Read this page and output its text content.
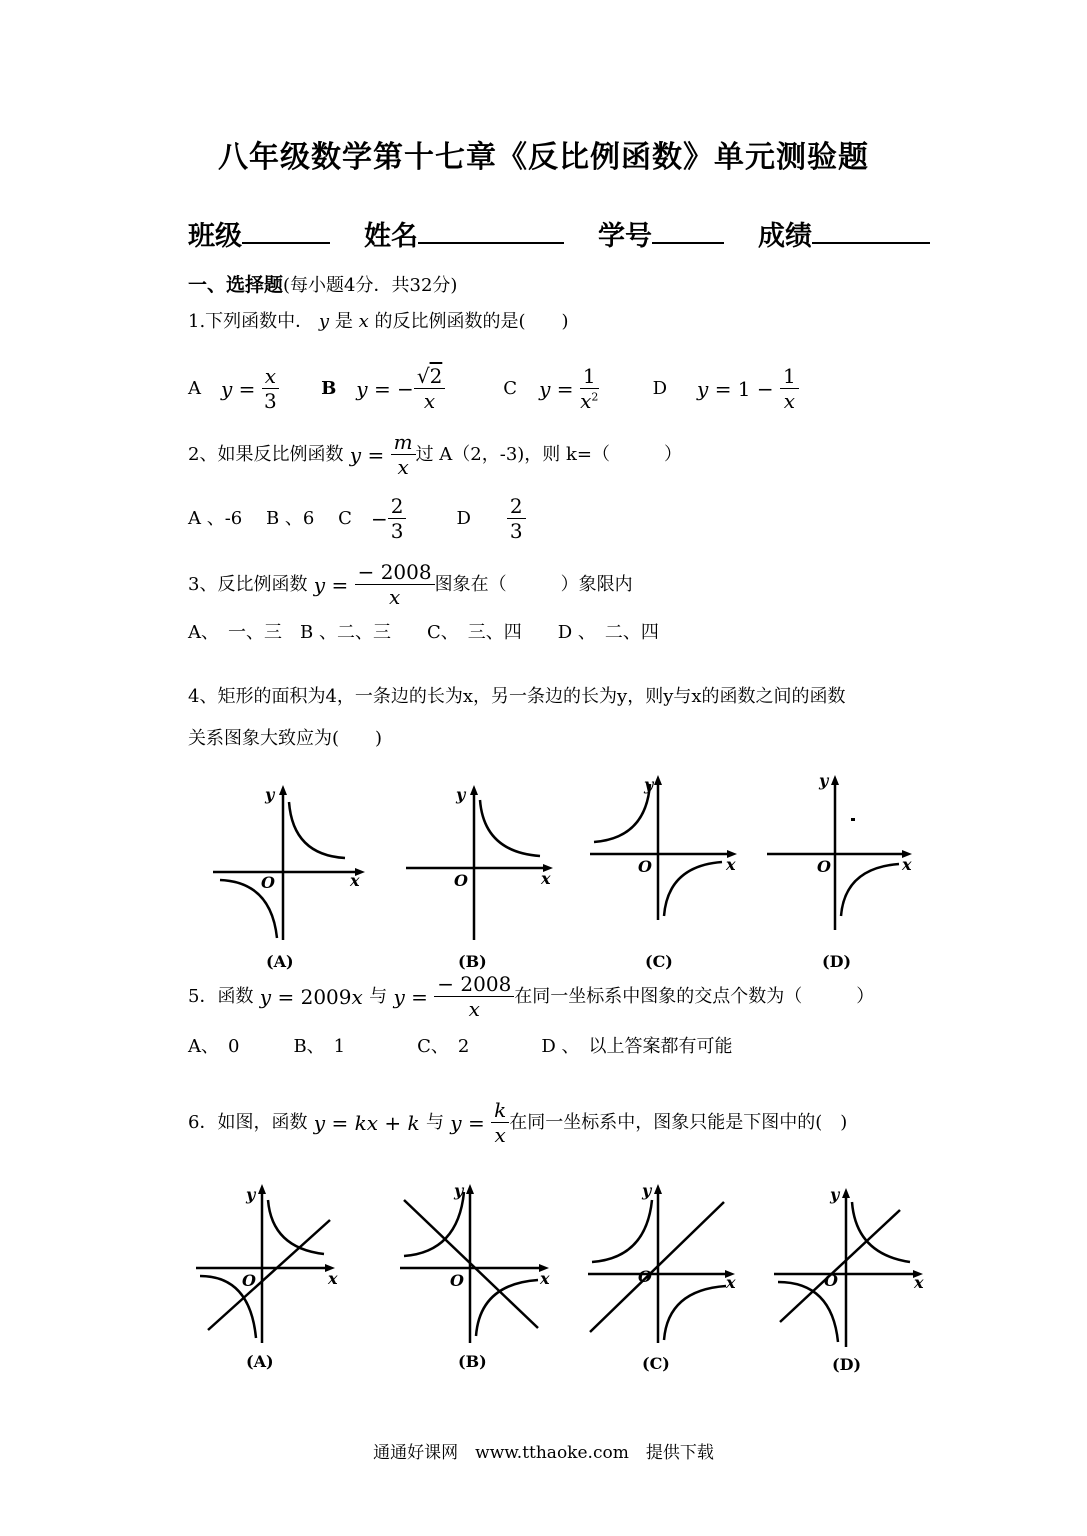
八年级数学第十七章《反比例函数》单元测验题
班级	姓名	学号	成绩
一、选择题(每小题4分．共32分)
1.下列函数中． y 是 x 的反比例函数的是(　　)
A $y = \frac{x}{3}$ B y = − $\frac{√2}{x}$	C $y = \frac{1}{x^2}$	D $y = 1 - \frac{1}{x}$
2、如果反比例函数 $y = \frac{m}{x}$ 过 A（2，-3)，则 k=（　　　）
A 、-6　 B 、6　 $C - \frac{2}{3}$	D $\frac{2}{3}$
3、反比例函数 $y = \frac{- 2008}{x}$ 图象在（　　　）象限内
A、　一、三　B 、二、三　　C、　三、四　　D 、　二、四
4、矩形的面积为4，一条边的长为x，另一条边的长为y，则y与x的函数之间的函数
关系图象大致应为(　　)
y
x
O
(A)
y
x
O
(B)
y
x
O
(C)
y
x
O
(D)
5．函数 y = 2009x 与 $y = \frac{- 2008}{x}$ 在同一坐标系中图象的交点个数为（　　　）
A、　0　　　B、　1　　　　C、　2　　　　D 、　以上答案都有可能
6．如图，函数 y = kx + k 与 $y = \frac{k}{x}$ 在同一坐标系中，图象只能是下图中的(　)
y
x
O
(A)
y
x
O
(B)
y
x
O
(C)
y
x
O
(D)
通通好课网　www.tthaoke.com　提供下载
